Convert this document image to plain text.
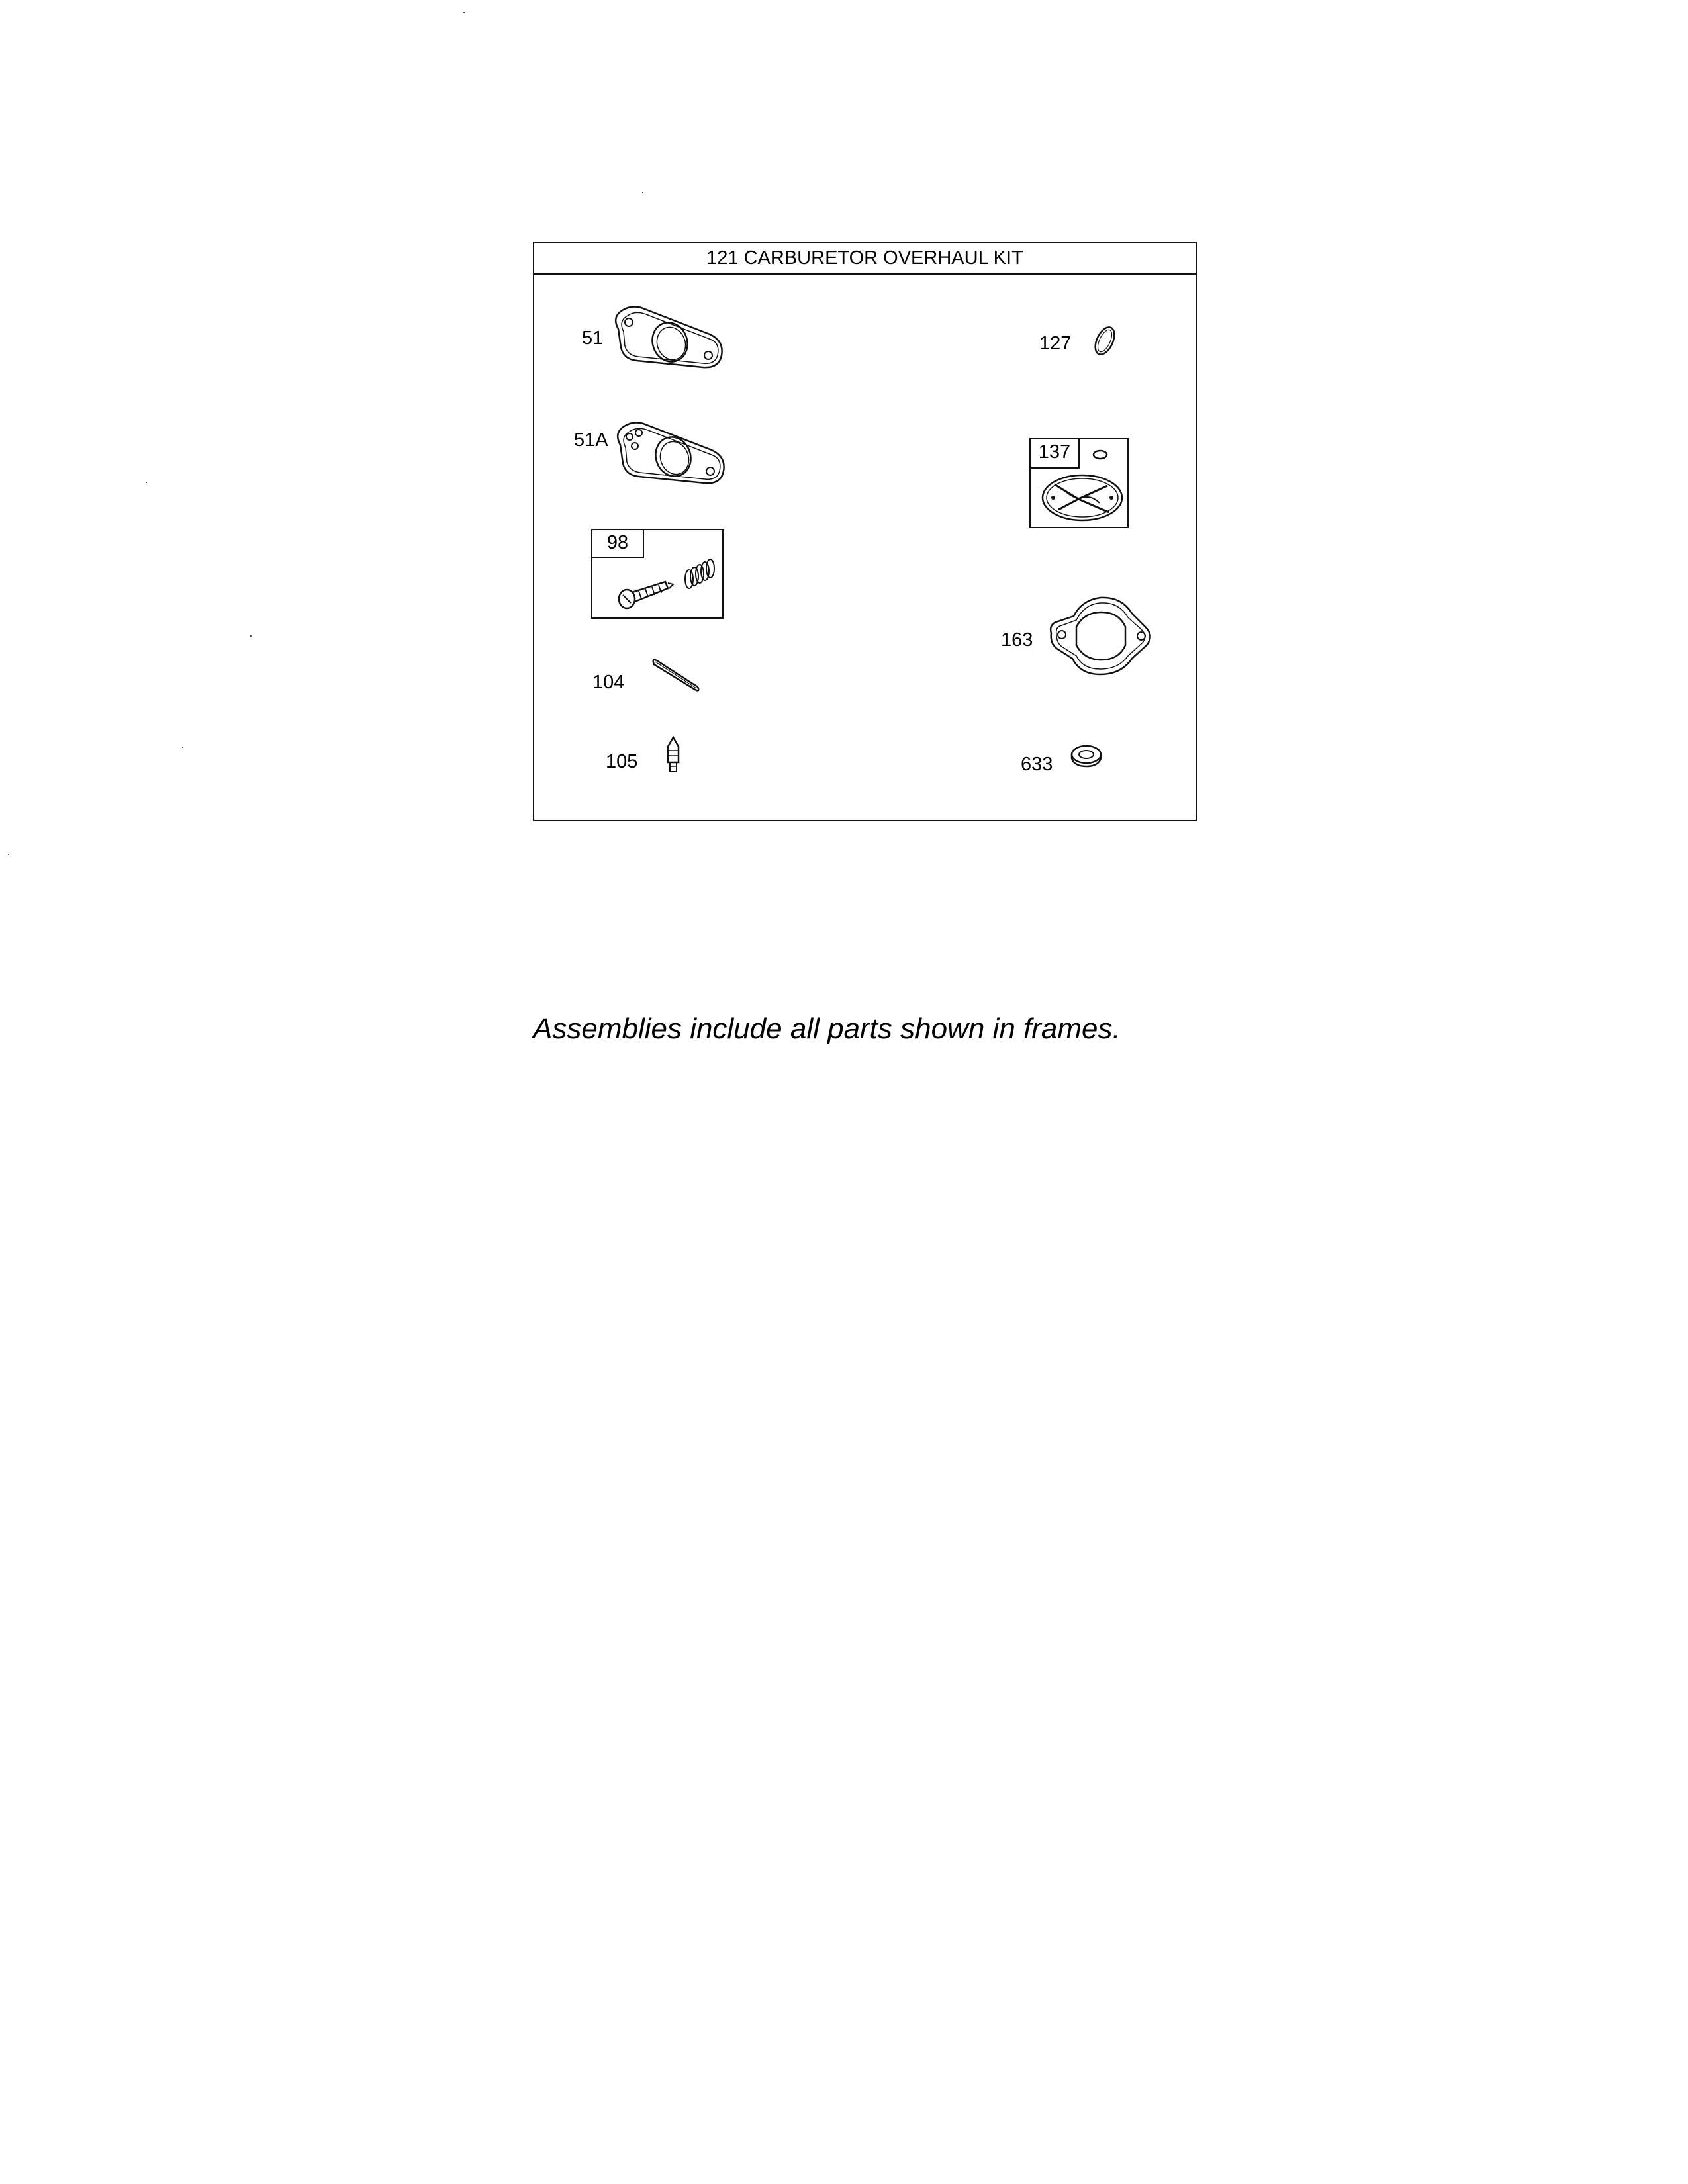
121 CARBURETOR OVERHAUL KIT
51
51A
98
104
105
127
137
163
633
Assemblies include all parts shown in frames.
